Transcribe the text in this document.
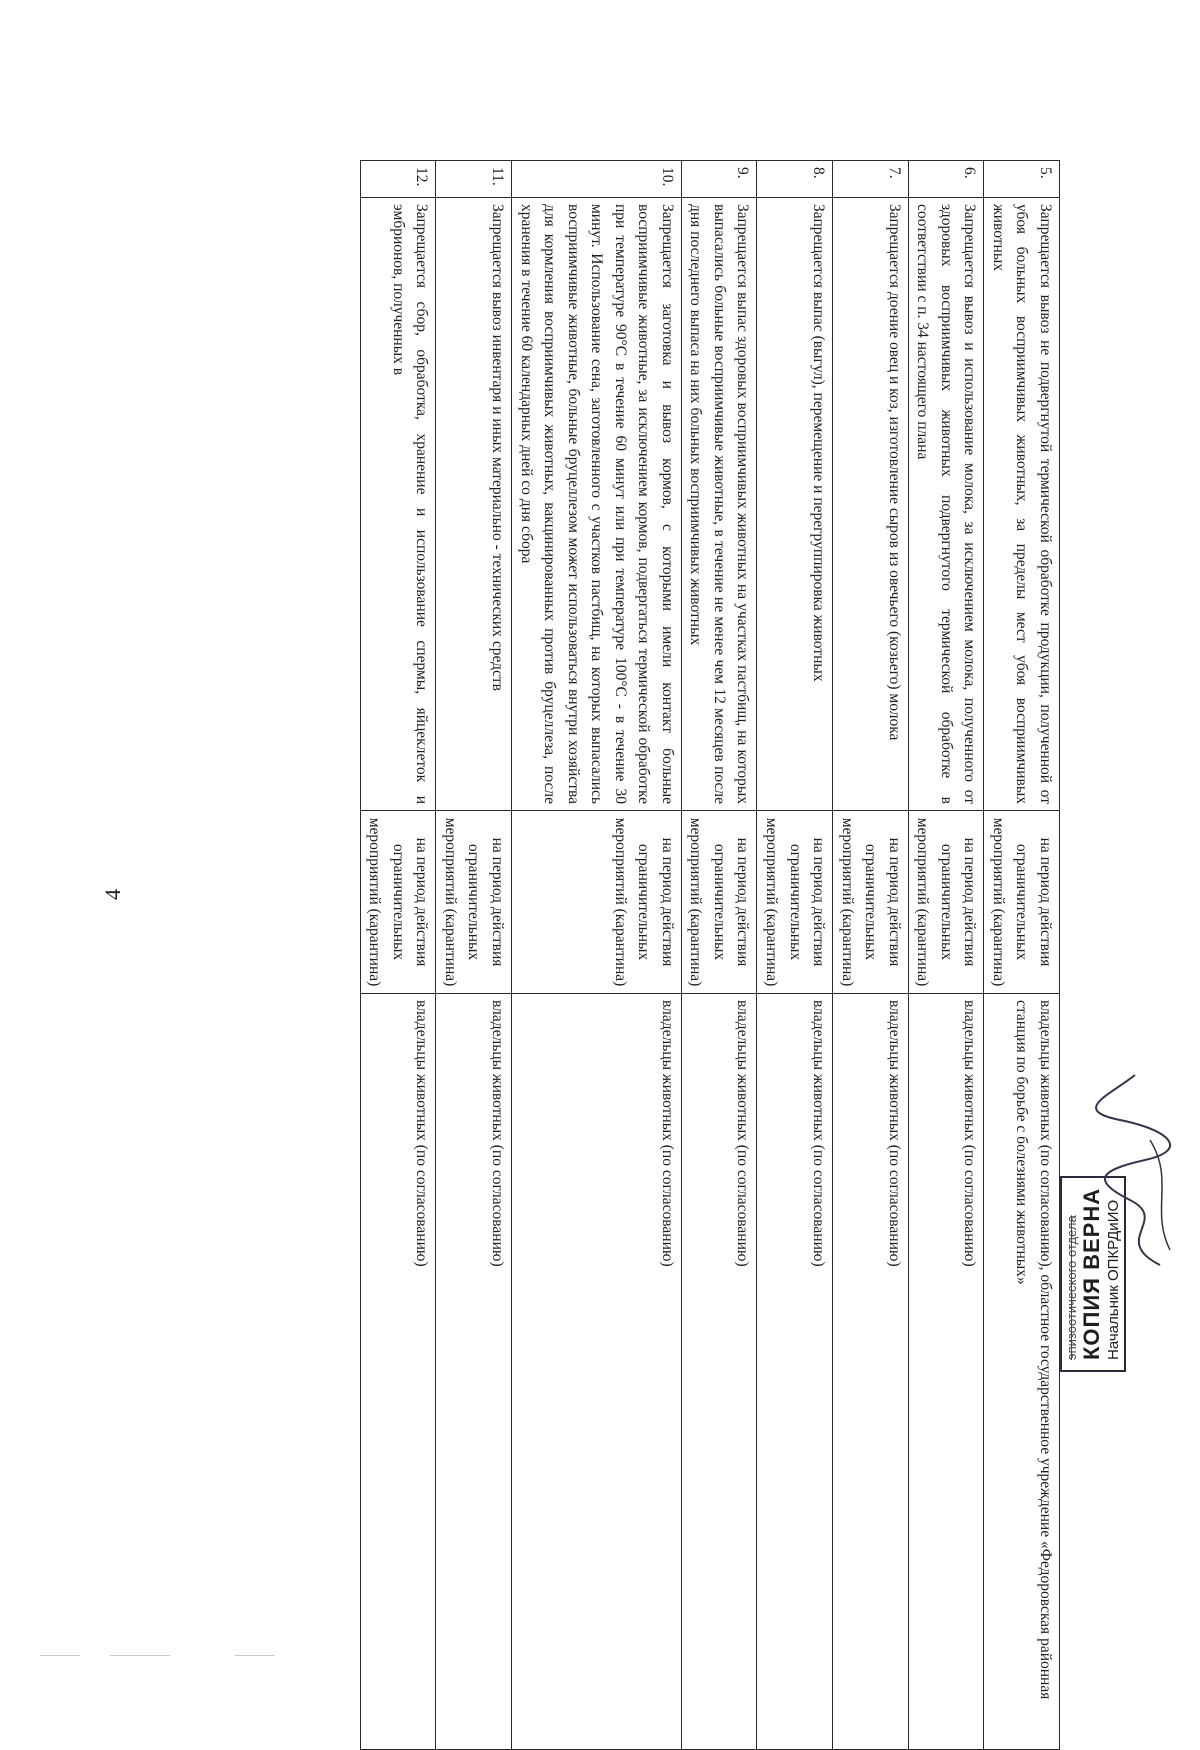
4
5.	Запрещается вывоз не подвергнутой термической обработке продукции, полученной от убоя больных восприимчивых животных, за пределы мест убоя восприимчивых животных	на период действия ограничительных мероприятий (карантина)	владельцы животных (по согласованию), областное государственное учреждение «Федоровская районная станция по борьбе с болезнями животных»
6.	Запрещается вывоз и использование молока, за исключением молока, полученного от здоровых восприимчивых животных подвергнутого термической обработке в соответствии с п. 34 настоящего плана	на период действия ограничительных мероприятий (карантина)	владельцы животных (по согласованию)
7.	Запрещается доение овец и коз, изготовление сыров из овечьего (козьего) молока	на период действия ограничительных мероприятий (карантина)	владельцы животных (по согласованию)
8.	Запрещается выпас (выгул), перемещение и перегруппировка животных	на период действия ограничительных мероприятий (карантина)	владельцы животных (по согласованию)
9.	Запрещается выпас здоровых восприимчивых животных на участках пастбищ, на которых выпасались больные восприимчивые животные, в течение не менее чем 12 месяцев после дня последнего выпаса на них больных восприимчивых животных	на период действия ограничительных мероприятий (карантина)	владельцы животных (по согласованию)
10.	Запрещается заготовка и вывоз кормов, с которыми имели контакт больные восприимчивые животные, за исключением кормов, подвергаться термической обработке при температуре 90°С в течение 60 минут или при температуре 100°С - в течение 30 минут. Использование сена, заготовленного с участков пастбищ, на которых выпасались восприимчивые животные, больные бруцеллезом может использоваться внутри хозяйства для кормления восприимчивых животных, вакцинированных против бруцеллеза, после хранения в течение 60 календарных дней со дня сбора	на период действия ограничительных мероприятий (карантина)	владельцы животных (по согласованию)
11.	Запрещается вывоз инвентаря и иных материально - технических средств	на период действия ограничительных мероприятий (карантина)	владельцы животных (по согласованию)
12.	Запрещается сбор, обработка, хранение и использование спермы, яйцеклеток и эмбрионов, полученных в	на период действия ограничительных мероприятий (карантина)	владельцы животных (по согласованию)
эпизоотического отдела КОПИЯ ВЕРНА Начальник ОПКРДиИО
